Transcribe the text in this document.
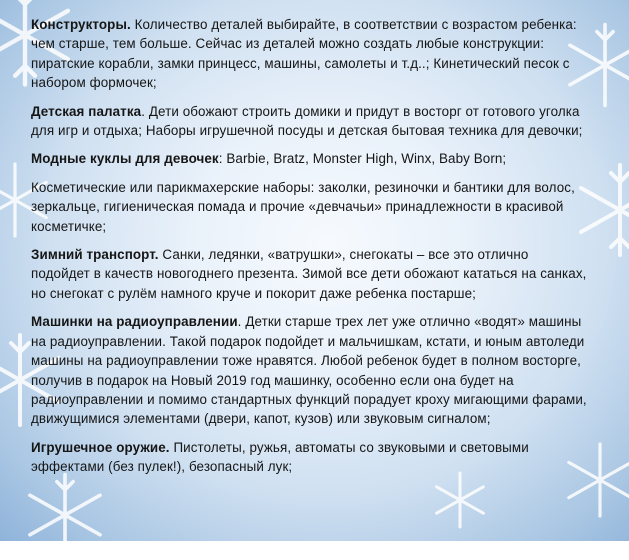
Конструкторы. Количество деталей выбирайте, в соответствии с возрастом ребенка: чем старше, тем больше. Сейчас из деталей можно создать любые конструкции: пиратские корабли, замки принцесс, машины, самолеты и т.д..; Кинетический песок с набором формочек;

Детская палатка. Дети обожают строить домики и придут в восторг от готового уголка для игр и отдыха; Наборы игрушечной посуды и детская бытовая техника для девочки;

Модные куклы для девочек: Barbie, Bratz, Monster High, Winx, Baby Born;

Косметические или парикмахерские наборы: заколки, резиночки и бантики для волос, зеркальце, гигиеническая помада и прочие «девчачьи» принадлежности в красивой косметичке;

Зимний транспорт. Санки, ледянки, «ватрушки», снегокаты – все это отлично подойдет в качеств новогоднего презента. Зимой все дети обожают кататься на санках, но снегокат с рулём намного круче и покорит даже ребенка постарше;

Машинки на радиоуправлении. Детки старше трех лет уже отлично «водят» машины на радиоуправлении. Такой подарок подойдет и мальчишкам, кстати, и юным автоледи машины на радиоуправлении тоже нравятся. Любой ребенок будет в полном восторге, получив в подарок на Новый 2019 год машинку, особенно если она будет на радиоуправлении и помимо стандартных функций порадует кроху мигающими фарами, движущимися элементами (двери, капот, кузов) или звуковым сигналом;

Игрушечное оружие. Пистолеты, ружья, автоматы со звуковыми и световыми эффектами (без пулек!), безопасный лук;
